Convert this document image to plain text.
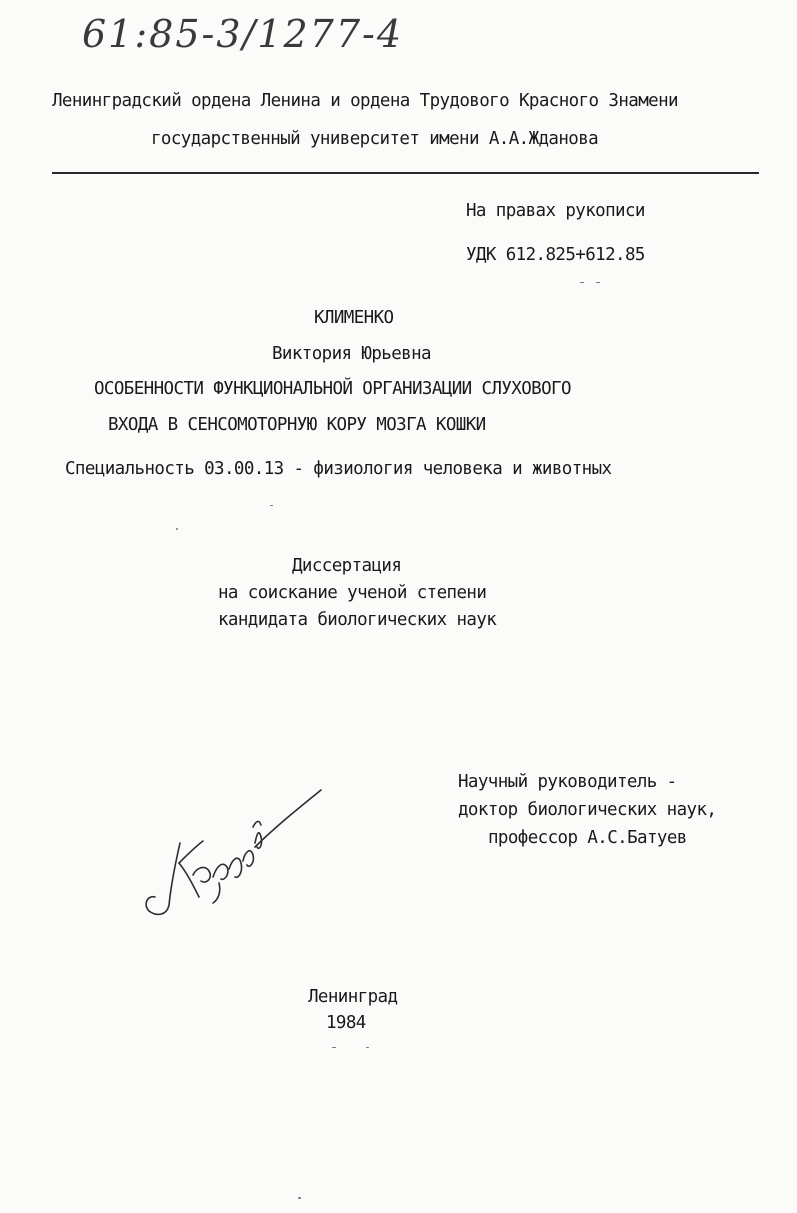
61:85-3/1277-4
Ленинградский ордена Ленина и ордена Трудового Красного Знамени
государственный университет имени А.А.Жданова
На правах рукописи
УДК 612.825+612.85
КЛИМЕНКО
Виктория Юрьевна
ОСОБЕННОСТИ ФУНКЦИОНАЛЬНОЙ ОРГАНИЗАЦИИ СЛУХОВОГО
ВХОДА В СЕНСОМОТОРНУЮ КОРУ МОЗГА КОШКИ
Специальность 03.00.13 - физиология человека и животных
Диссертация
на соискание ученой степени
кандидата биологических наук
Научный руководитель -
доктор биологических наук,
профессор А.С.Батуев
Ленинград
1984
